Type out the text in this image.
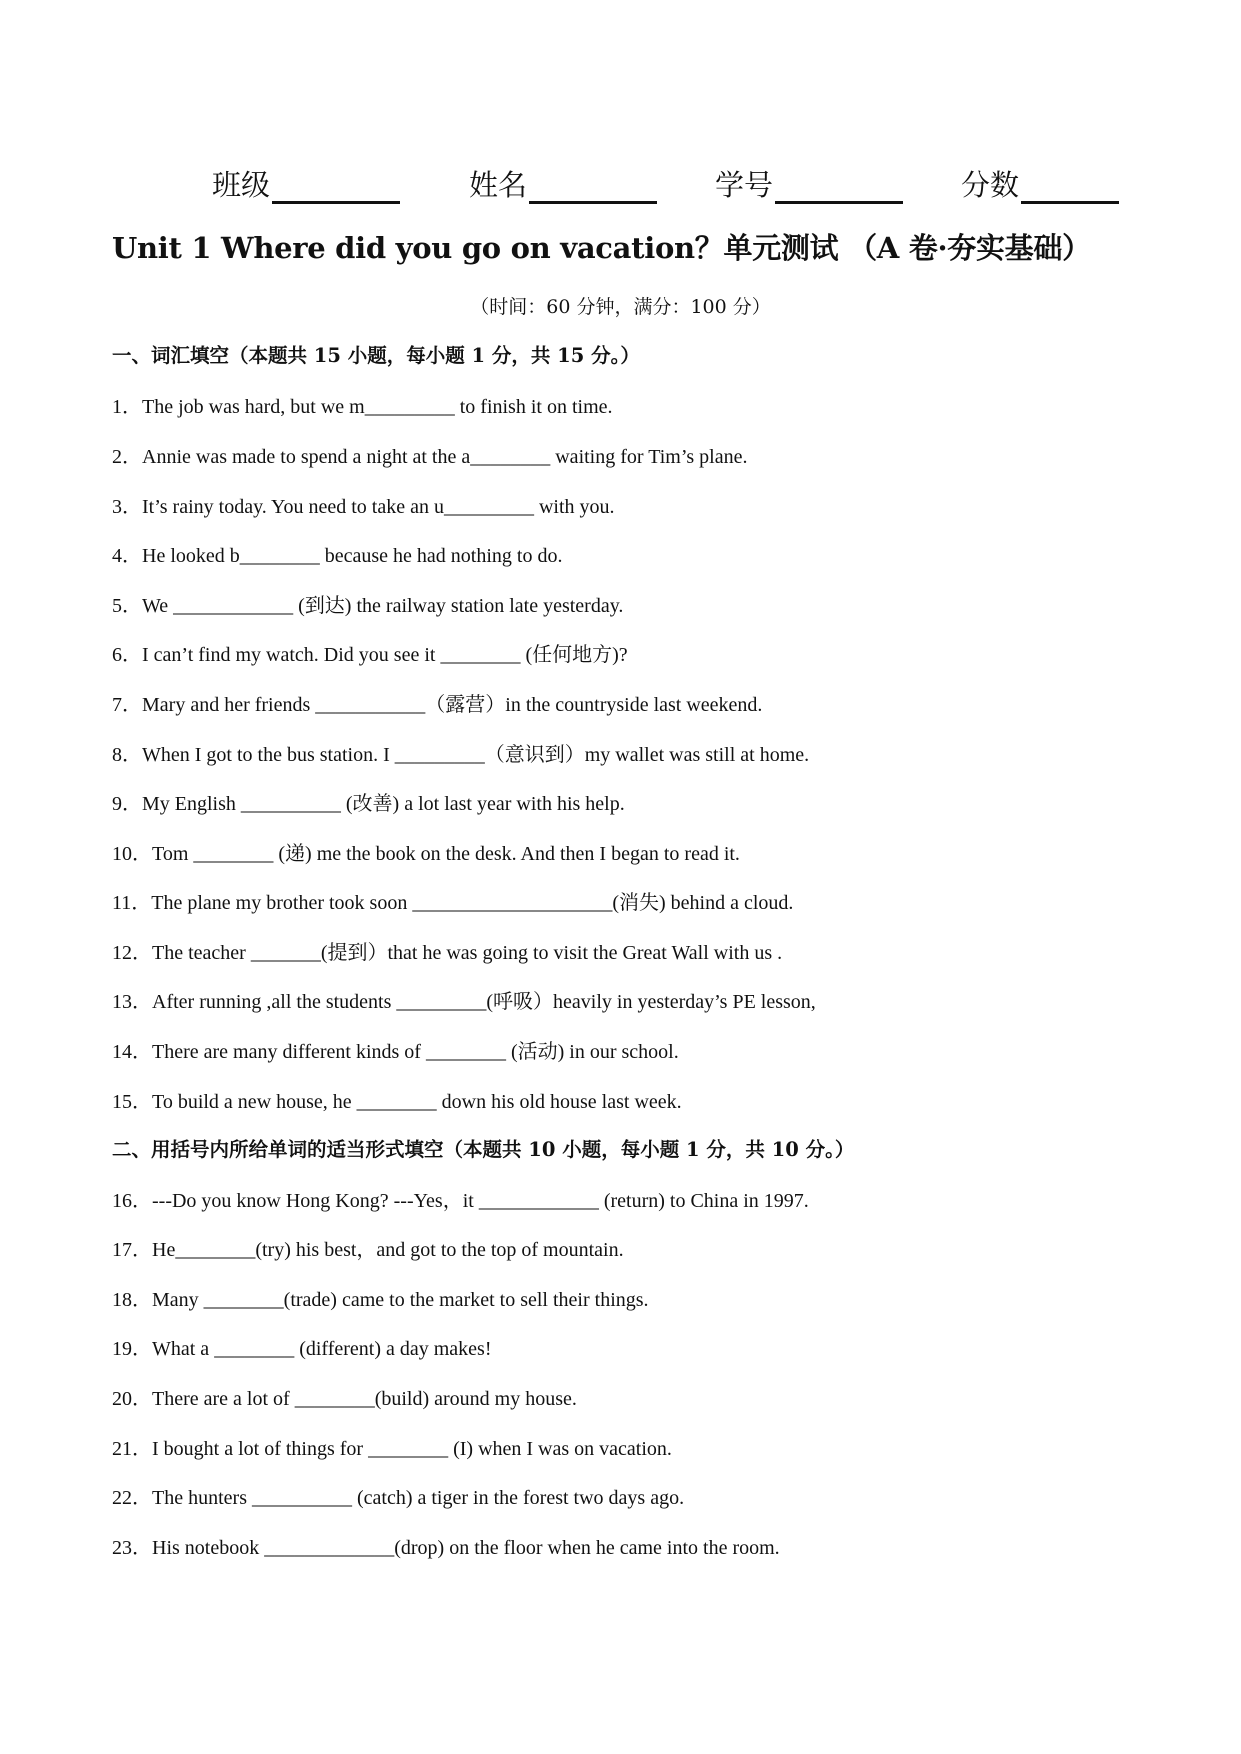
班级	姓名	学号	分数
Unit 1 Where did you go on vacation？单元测试 （A 卷·夯实基础）
（时间：60 分钟，满分：100 分）
一、词汇填空（本题共 15 小题，每小题 1 分，共 15 分。）
1．The job was hard, but we m_________ to finish it on time.
2．Annie was made to spend a night at the a________ waiting for Tim’s plane.
3．It’s rainy today. You need to take an u_________ with you.
4．He looked b________ because he had nothing to do.
5．We ____________ (到达) the railway station late yesterday.
6．I can’t find my watch. Did you see it ________ (任何地方)?
7．Mary and her friends ___________（露营）in the countryside last weekend.
8．When I got to the bus station. I _________（意识到）my wallet was still at home.
9．My English __________ (改善) a lot last year with his help.
10．Tom ________ (递) me the book on the desk. And then I began to read it.
11．The plane my brother took soon ____________________(消失) behind a cloud.
12．The teacher _______(提到）that he was going to visit the Great Wall with us .
13．After running ,all the students _________(呼吸）heavily in yesterday’s PE lesson,
14．There are many different kinds of ________ (活动) in our school.
15．To build a new house, he ________ down his old house last week.
二、用括号内所给单词的适当形式填空（本题共 10 小题，每小题 1 分，共 10 分。）
16．---Do you know Hong Kong? ---Yes，it ____________ (return) to China in 1997.
17．He________(try) his best，and got to the top of mountain.
18．Many ________(trade) came to the market to sell their things.
19．What a ________ (different) a day makes!
20．There are a lot of ________(build) around my house.
21．I bought a lot of things for ________ (I) when I was on vacation.
22．The hunters __________ (catch) a tiger in the forest two days ago.
23．His notebook _____________(drop) on the floor when he came into the room.
